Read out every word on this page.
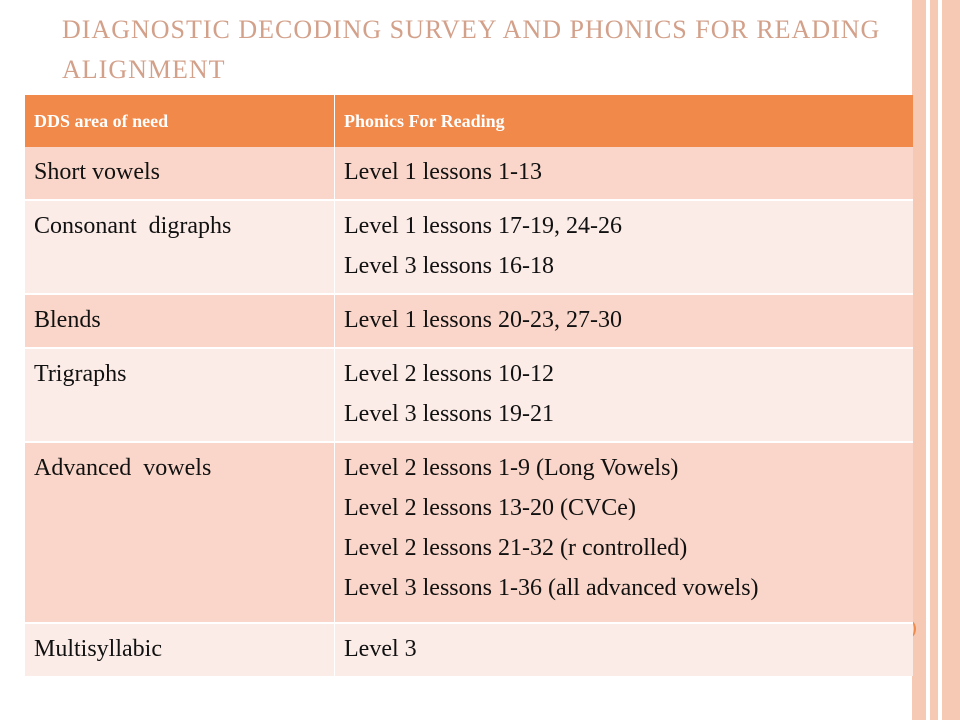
DIAGNOSTIC DECODING SURVEY AND PHONICS FOR READING ALIGNMENT
DDS area of need	Phonics For Reading
Short vowels	Level 1 lessons 1-13

Consonant  digraphs	Level 1 lessons 17-19, 24-26
Level 3 lessons 16-18

Blends	Level 1 lessons 20-23, 27-30

Trigraphs	Level 2 lessons 10-12
Level 3 lessons 19-21

Advanced  vowels	Level 2 lessons 1-9 (Long Vowels)
Level 2 lessons 13-20 (CVCe)
Level 2 lessons 21-32 (r controlled)
Level 3 lessons 1-36 (all advanced vowels)

Multisyllabic	Level 3
